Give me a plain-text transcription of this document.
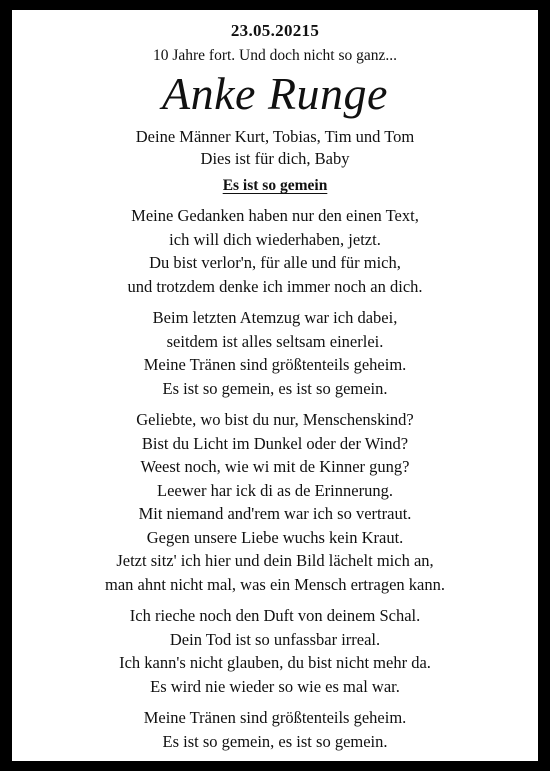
23.05.20215
10 Jahre fort. Und doch nicht so ganz...
Anke Runge
Deine Männer Kurt, Tobias, Tim und Tom
Dies ist für dich, Baby
Es ist so gemein
Meine Gedanken haben nur den einen Text,
ich will dich wiederhaben, jetzt.
Du bist verlor'n, für alle und für mich,
und trotzdem denke ich immer noch an dich.
Beim letzten Atemzug war ich dabei,
seitdem ist alles seltsam einerlei.
Meine Tränen sind größtenteils geheim.
Es ist so gemein, es ist so gemein.
Geliebte, wo bist du nur, Menschenskind?
Bist du Licht im Dunkel oder der Wind?
Weest noch, wie wi mit de Kinner gung?
Leewer har ick di as de Erinnerung.
Mit niemand and'rem war ich so vertraut.
Gegen unsere Liebe wuchs kein Kraut.
Jetzt sitz' ich hier und dein Bild lächelt mich an,
man ahnt nicht mal, was ein Mensch ertragen kann.
Ich rieche noch den Duft von deinem Schal.
Dein Tod ist so unfassbar irreal.
Ich kann's nicht glauben, du bist nicht mehr da.
Es wird nie wieder so wie es mal war.
Meine Tränen sind größtenteils geheim.
Es ist so gemein, es ist so gemein.
